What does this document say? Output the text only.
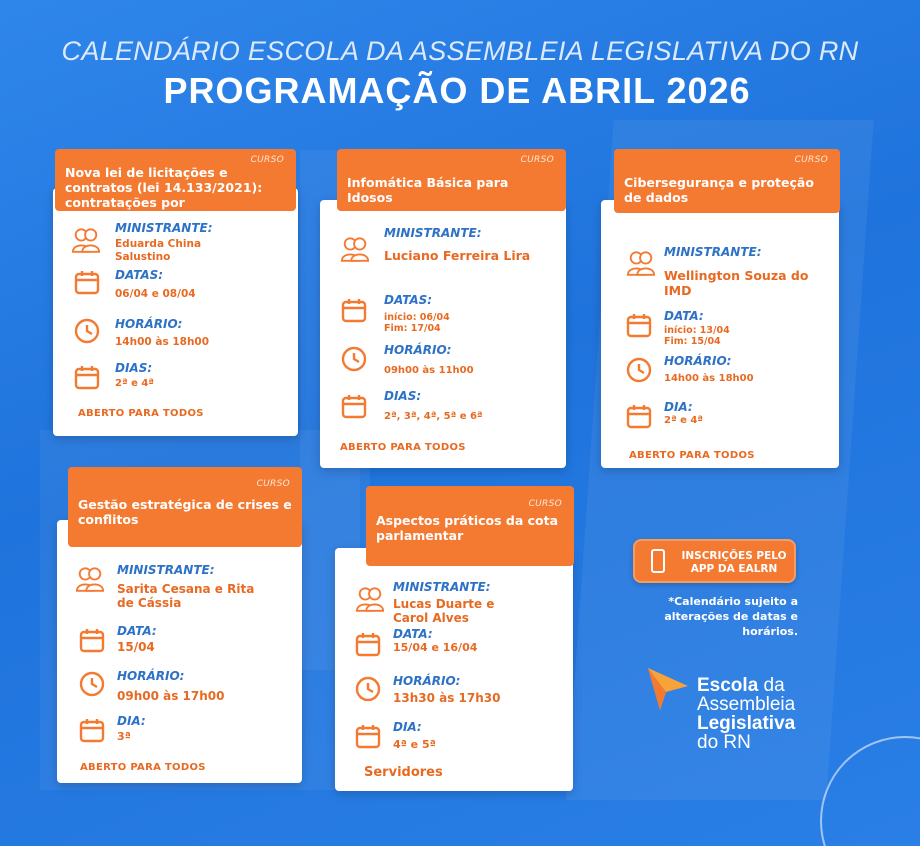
CALENDÁRIO ESCOLA DA ASSEMBLEIA LEGISLATIVA DO RN
PROGRAMAÇÃO DE ABRIL 2026
CURSO
Nova lei de licitações e contratos (lei 14.133/2021): contratações por inexigibilidade
MINISTRANTE:
Eduarda China Salustino
DATAS:
06/04 e 08/04
HORÁRIO:
14h00 às 18h00
DIAS:
2ª e 4ª
ABERTO PARA TODOS
CURSO
Infomática Básica para Idosos
MINISTRANTE:
Luciano Ferreira Lira
DATAS:
início: 06/04
Fim: 17/04
HORÁRIO:
09h00 às 11h00
DIAS:
2ª, 3ª, 4ª, 5ª e 6ª
ABERTO PARA TODOS
CURSO
Cibersegurança e proteção de dados
MINISTRANTE:
Wellington Souza do IMD
DATA:
início: 13/04
Fim: 15/04
HORÁRIO:
14h00 às 18h00
DIA:
2ª e 4ª
ABERTO PARA TODOS
CURSO
Gestão estratégica de crises e conflitos
MINISTRANTE:
Sarita Cesana e Rita de Cássia
DATA:
15/04
HORÁRIO:
09h00 às 17h00
DIA:
3ª
ABERTO PARA TODOS
CURSO
Aspectos práticos da cota parlamentar
MINISTRANTE:
Lucas Duarte e Carol Alves
DATA:
15/04 e 16/04
HORÁRIO:
13h30 às 17h30
DIA:
4ª e 5ª
Servidores
INSCRIÇÕES PELO APP DA EALRN
*Calendário sujeito a alterações de datas e horários.
Escola da
Assembleia
Legislativa
do RN
